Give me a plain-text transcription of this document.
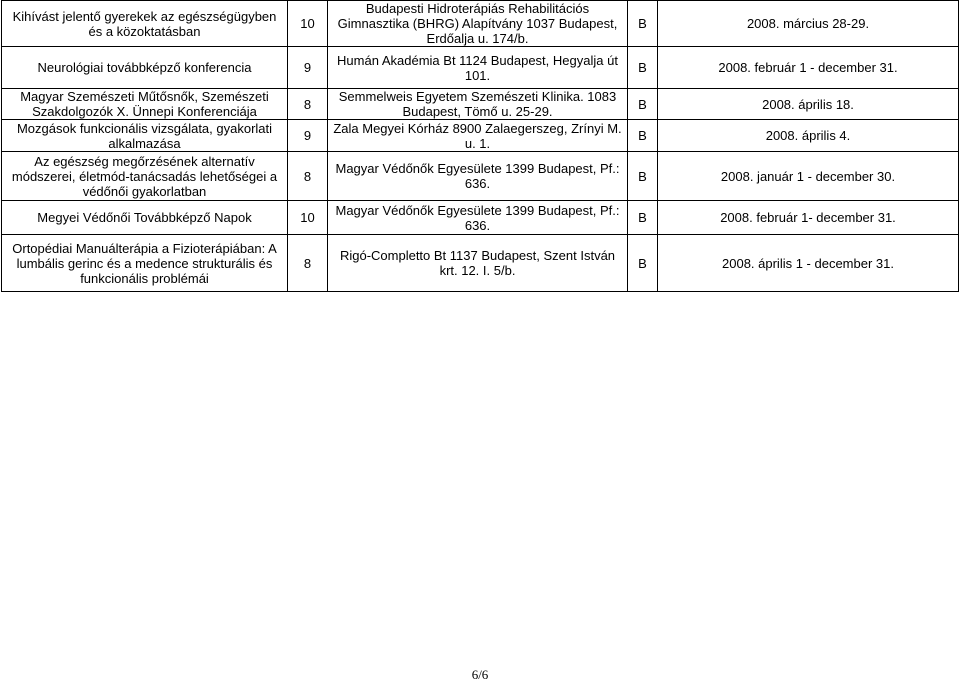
Kihívást jelentő gyerekek az egészségügyben és a közoktatásban	10	Budapesti Hidroterápiás Rehabilitációs Gimnasztika (BHRG) Alapítvány 1037 Budapest, Erdőalja u. 174/b.	B	2008. március 28-29.
Neurológiai továbbképző konferencia	9	Humán Akadémia Bt 1124 Budapest, Hegyalja út 101.	B	2008. február 1 - december 31.
Magyar Szemészeti Műtősnők, Szemészeti Szakdolgozók X. Ünnepi Konferenciája	8	Semmelweis Egyetem Szemészeti Klinika. 1083 Budapest, Tömő u. 25-29.	B	2008. április 18.
Mozgások funkcionális vizsgálata, gyakorlati alkalmazása	9	Zala Megyei Kórház 8900 Zalaegerszeg, Zrínyi M. u. 1.	B	2008. április 4.
Az egészség megőrzésének alternatív módszerei, életmód-tanácsadás lehetőségei a védőnői gyakorlatban	8	Magyar Védőnők Egyesülete 1399 Budapest, Pf.: 636.	B	2008. január 1 - december 30.
Megyei Védőnői Továbbképző Napok	10	Magyar Védőnők Egyesülete 1399 Budapest, Pf.: 636.	B	2008. február 1- december 31.
Ortopédiai Manuálterápia a Fizioterápiában: A lumbális gerinc és a medence strukturális és funkcionális problémái	8	Rigó-Completto Bt 1137 Budapest, Szent István krt. 12. I. 5/b.	B	2008. április 1 - december 31.
6/6
